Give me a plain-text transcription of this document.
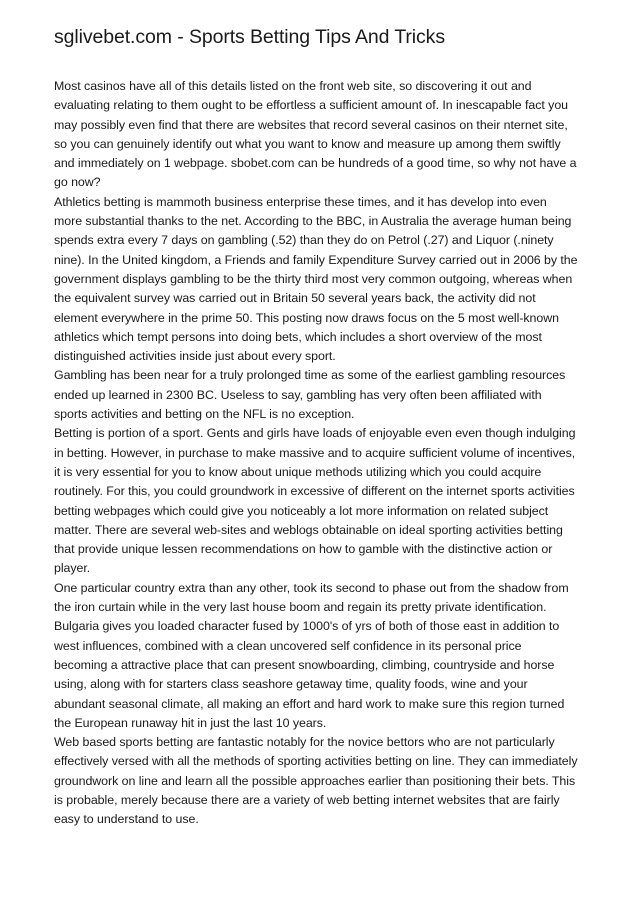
sglivebet.com - Sports Betting Tips And Tricks

Most casinos have all of this details listed on the front web site, so discovering it out and evaluating relating to them ought to be effortless a sufficient amount of. In inescapable fact you may possibly even find that there are websites that record several casinos on their nternet site, so you can genuinely identify out what you want to know and measure up among them swiftly and immediately on 1 webpage. sbobet.com can be hundreds of a good time, so why not have a go now?

Athletics betting is mammoth business enterprise these times, and it has develop into even more substantial thanks to the net. According to the BBC, in Australia the average human being spends extra every 7 days on gambling (.52) than they do on Petrol (.27) and Liquor (.ninety nine). In the United kingdom, a Friends and family Expenditure Survey carried out in 2006 by the government displays gambling to be the thirty third most very common outgoing, whereas when the equivalent survey was carried out in Britain 50 several years back, the activity did not element everywhere in the prime 50. This posting now draws focus on the 5 most well-known athletics which tempt persons into doing bets, which includes a short overview of the most distinguished activities inside just about every sport.

Gambling has been near for a truly prolonged time as some of the earliest gambling resources ended up learned in 2300 BC. Useless to say, gambling has very often been affiliated with sports activities and betting on the NFL is no exception.

Betting is portion of a sport. Gents and girls have loads of enjoyable even even though indulging in betting. However, in purchase to make massive and to acquire sufficient volume of incentives, it is very essential for you to know about unique methods utilizing which you could acquire routinely. For this, you could groundwork in excessive of different on the internet sports activities betting webpages which could give you noticeably a lot more information on related subject matter. There are several web-sites and weblogs obtainable on ideal sporting activities betting that provide unique lessen recommendations on how to gamble with the distinctive action or player.

One particular country extra than any other, took its second to phase out from the shadow from the iron curtain while in the very last house boom and regain its pretty private identification. Bulgaria gives you loaded character fused by 1000's of yrs of both of those east in addition to west influences, combined with a clean uncovered self confidence in its personal price becoming a attractive place that can present snowboarding, climbing, countryside and horse using, along with for starters class seashore getaway time, quality foods, wine and your abundant seasonal climate, all making an effort and hard work to make sure this region turned the European runaway hit in just the last 10 years.

Web based sports betting are fantastic notably for the novice bettors who are not particularly effectively versed with all the methods of sporting activities betting on line. They can immediately groundwork on line and learn all the possible approaches earlier than positioning their bets. This is probable, merely because there are a variety of web betting internet websites that are fairly easy to understand to use.
